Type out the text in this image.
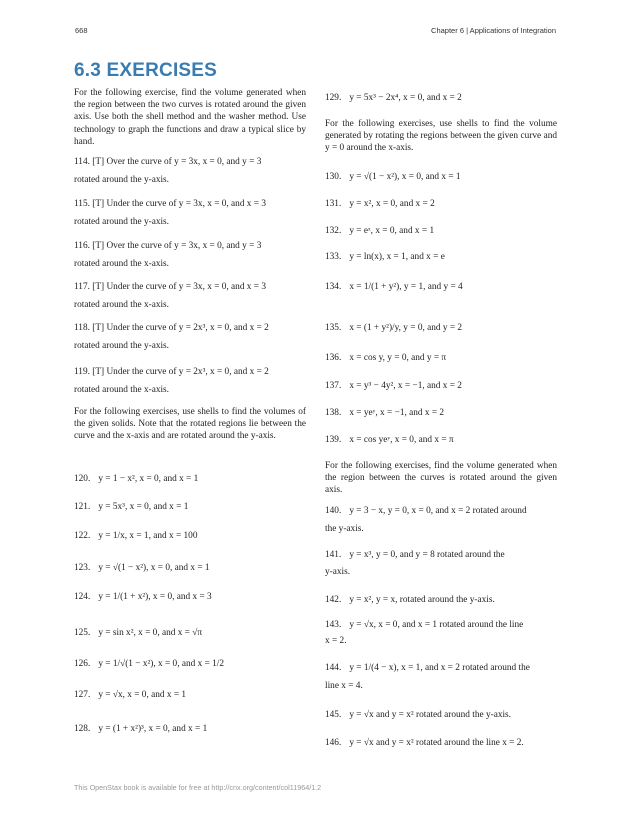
668	Chapter 6 | Applications of Integration
6.3 EXERCISES
For the following exercise, find the volume generated when the region between the two curves is rotated around the given axis. Use both the shell method and the washer method. Use technology to graph the functions and draw a typical slice by hand.
114. [T] Over the curve of y = 3x, x = 0, and y = 3
rotated around the y-axis.
115. [T] Under the curve of y = 3x, x = 0, and x = 3
rotated around the y-axis.
116. [T] Over the curve of y = 3x, x = 0, and y = 3
rotated around the x-axis.
117. [T] Under the curve of y = 3x, x = 0, and x = 3
rotated around the x-axis.
118. [T] Under the curve of y = 2x³, x = 0, and x = 2
rotated around the y-axis.
119. [T] Under the curve of y = 2x³, x = 0, and x = 2
rotated around the x-axis.
For the following exercises, use shells to find the volumes of the given solids. Note that the rotated regions lie between the curve and the x-axis and are rotated around the y-axis.
120. y = 1 − x², x = 0, and x = 1
121. y = 5x³, x = 0, and x = 1
122. y = 1/x, x = 1, and x = 100
123. y = √(1 − x²), x = 0, and x = 1
124. y = 1/(1 + x²), x = 0, and x = 3
125. y = sin x², x = 0, and x = √π
126. y = 1/√(1 − x²), x = 0, and x = 1/2
127. y = √x, x = 0, and x = 1
128. y = (1 + x²)³, x = 0, and x = 1
129. y = 5x³ − 2x⁴, x = 0, and x = 2
For the following exercises, use shells to find the volume generated by rotating the regions between the given curve and y = 0 around the x-axis.
130. y = √(1 − x²), x = 0, and x = 1
131. y = x², x = 0, and x = 2
132. y = eˣ, x = 0, and x = 1
133. y = ln(x), x = 1, and x = e
134. x = 1/(1 + y²), y = 1, and y = 4
135. x = (1 + y²)/y, y = 0, and y = 2
136. x = cos y, y = 0, and y = π
137. x = y³ − 4y², x = −1, and x = 2
138. x = yeʸ, x = −1, and x = 2
139. x = cos yeʸ, x = 0, and x = π
For the following exercises, find the volume generated when the region between the curves is rotated around the given axis.
140. y = 3 − x, y = 0, x = 0, and x = 2 rotated around
the y-axis.
141. y = x³, y = 0, and y = 8 rotated around the
y-axis.
142. y = x², y = x, rotated around the y-axis.
143. y = √x, x = 0, and x = 1 rotated around the line
x = 2.
144. y = 1/(4 − x), x = 1, and x = 2 rotated around the
line x = 4.
145. y = √x and y = x² rotated around the y-axis.
146. y = √x and y = x² rotated around the line x = 2.
This OpenStax book is available for free at http://cnx.org/content/col11964/1.2
